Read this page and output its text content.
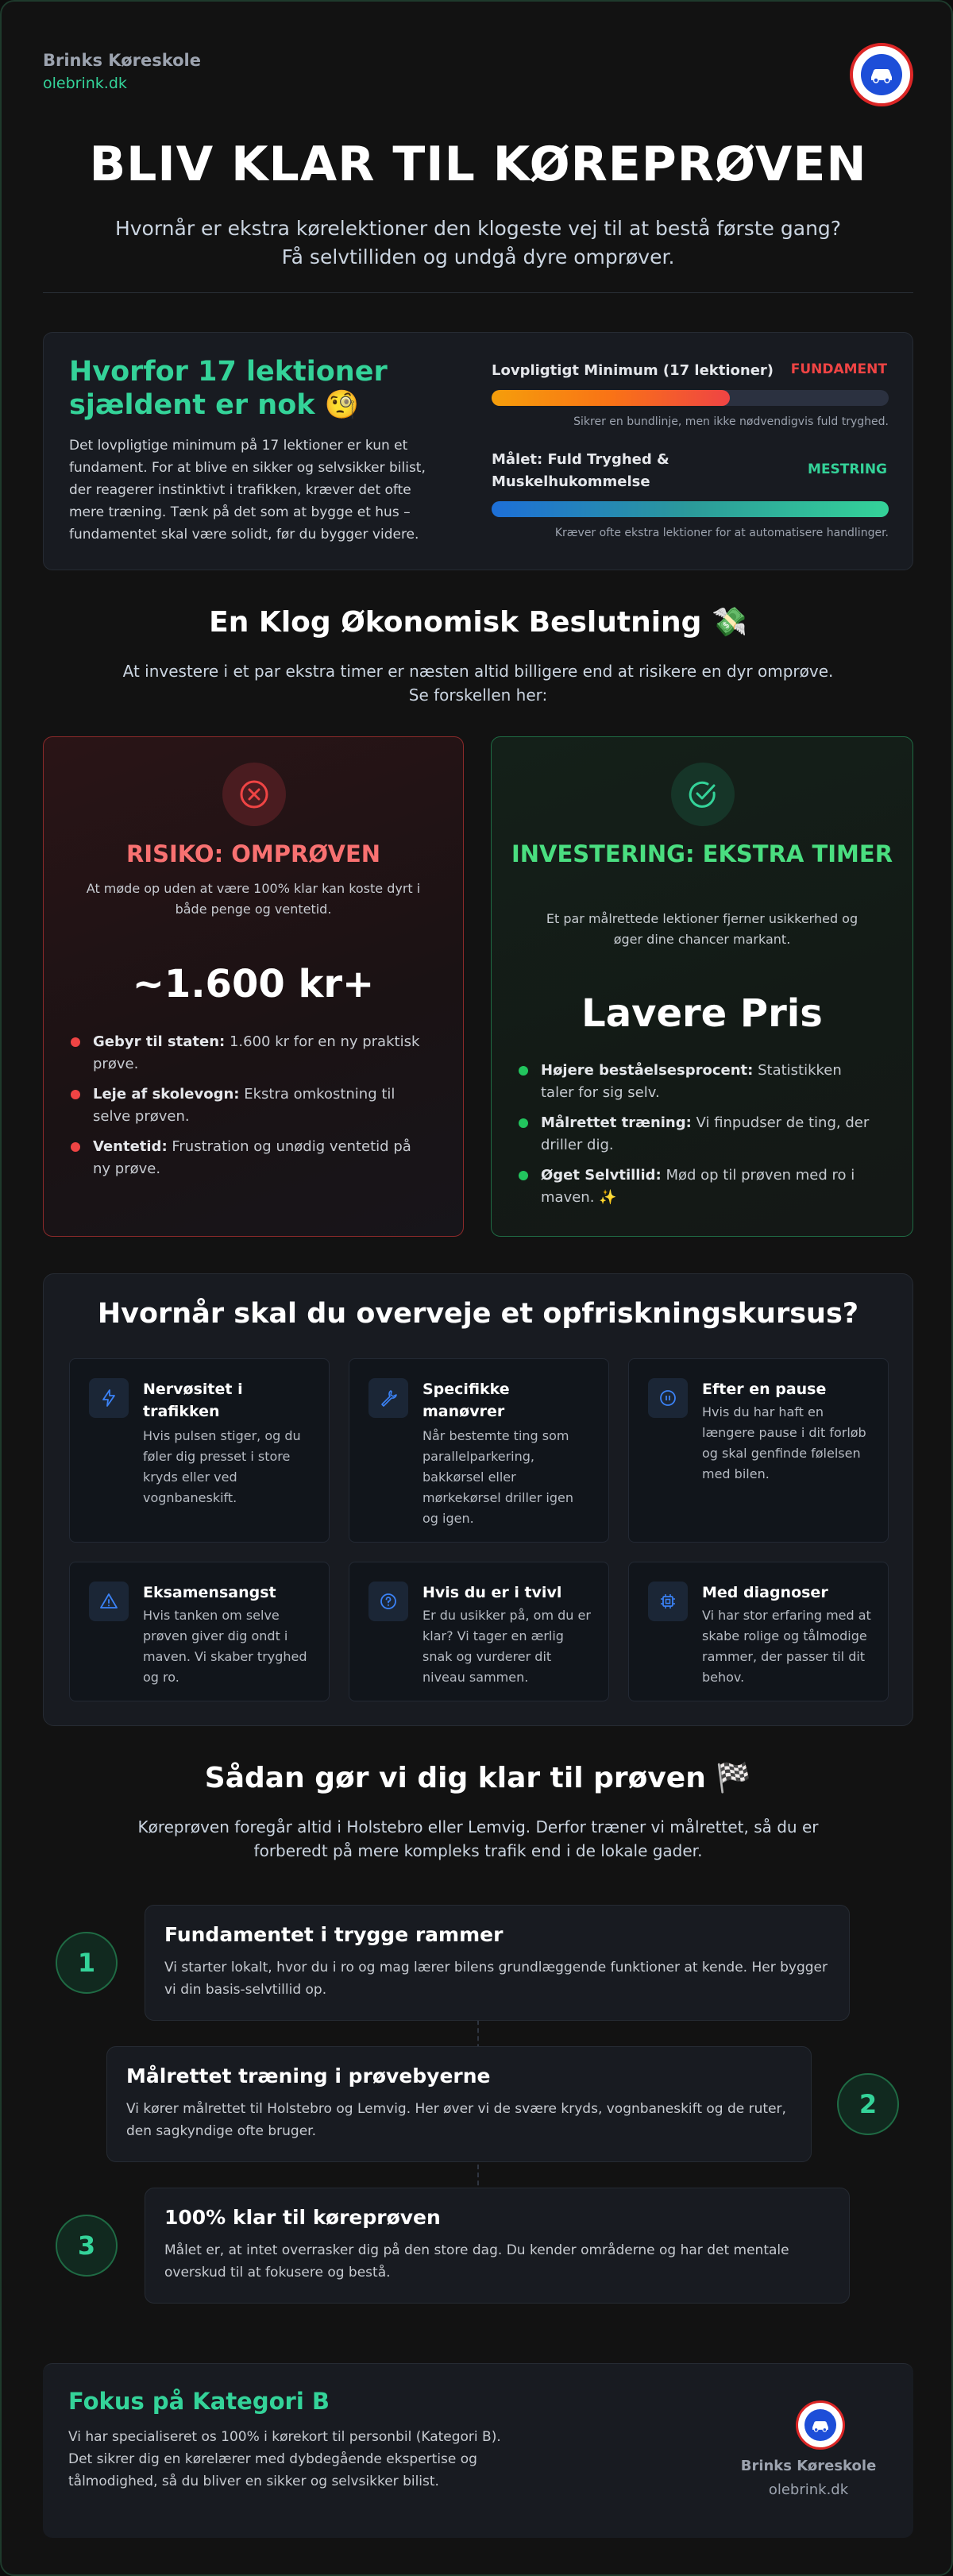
Brinks Køreskole
olebrink.dk
BLIV KLAR TIL KØREPRØVEN
Hvornår er ekstra kørelektioner den klogeste vej til at bestå første gang?
Få selvtilliden og undgå dyre omprøver.
Hvorfor 17 lektioner sjældent er nok 🧐
Det lovpligtige minimum på 17 lektioner er kun et fundament. For at blive en sikker og selvsikker bilist, der reagerer instinktivt i trafikken, kræver det ofte mere træning. Tænk på det som at bygge et hus – fundamentet skal være solidt, før du bygger videre.
Lovpligtigt Minimum (17 lektioner)	FUNDAMENT
Sikrer en bundlinje, men ikke nødvendigvis fuld tryghed.
Målet: Fuld Tryghed & Muskelhukommelse
MESTRING
Kræver ofte ekstra lektioner for at automatisere handlinger.
En Klog Økonomisk Beslutning 💸
At investere i et par ekstra timer er næsten altid billigere end at risikere en dyr omprøve.
Se forskellen her:
RISIKO: OMPRØVEN
At møde op uden at være 100% klar kan koste dyrt i både penge og ventetid.
~1.600 kr+
Gebyr til staten: 1.600 kr for en ny praktisk prøve.
Leje af skolevogn: Ekstra omkostning til selve prøven.
Ventetid: Frustration og unødig ventetid på ny prøve.
INVESTERING: EKSTRA TIMER
Et par målrettede lektioner fjerner usikkerhed og øger dine chancer markant.
Lavere Pris
Højere beståelsesprocent: Statistikken taler for sig selv.
Målrettet træning: Vi finpudser de ting, der driller dig.
Øget Selvtillid: Mød op til prøven med ro i maven. ✨
Hvornår skal du overveje et opfriskningskursus?
Nervøsitet i trafikken
Hvis pulsen stiger, og du føler dig presset i store kryds eller ved vognbaneskift.
Specifikke manøvrer
Når bestemte ting som parallelparkering, bakkørsel eller mørkekørsel driller igen og igen.
Efter en pause
Hvis du har haft en længere pause i dit forløb og skal genfinde følelsen med bilen.
Eksamensangst
Hvis tanken om selve prøven giver dig ondt i maven. Vi skaber tryghed og ro.
Hvis du er i tvivl
Er du usikker på, om du er klar? Vi tager en ærlig snak og vurderer dit niveau sammen.
Med diagnoser
Vi har stor erfaring med at skabe rolige og tålmodige rammer, der passer til dit behov.
Sådan gør vi dig klar til prøven 🏁
Køreprøven foregår altid i Holstebro eller Lemvig. Derfor træner vi målrettet, så du er
forberedt på mere kompleks trafik end i de lokale gader.
1
Fundamentet i trygge rammer
Vi starter lokalt, hvor du i ro og mag lærer bilens grundlæggende funktioner at kende. Her bygger vi din basis-selvtillid op.
Målrettet træning i prøvebyerne
Vi kører målrettet til Holstebro og Lemvig. Her øver vi de svære kryds, vognbaneskift og de ruter, den sagkyndige ofte bruger.
2
3
100% klar til køreprøven
Målet er, at intet overrasker dig på den store dag. Du kender områderne og har det mentale overskud til at fokusere og bestå.
Fokus på Kategori B
Vi har specialiseret os 100% i kørekort til personbil (Kategori B).
Det sikrer dig en kørelærer med dybdegående ekspertise og tålmodighed, så du bliver en sikker og selvsikker bilist.
Brinks Køreskole
olebrink.dk
